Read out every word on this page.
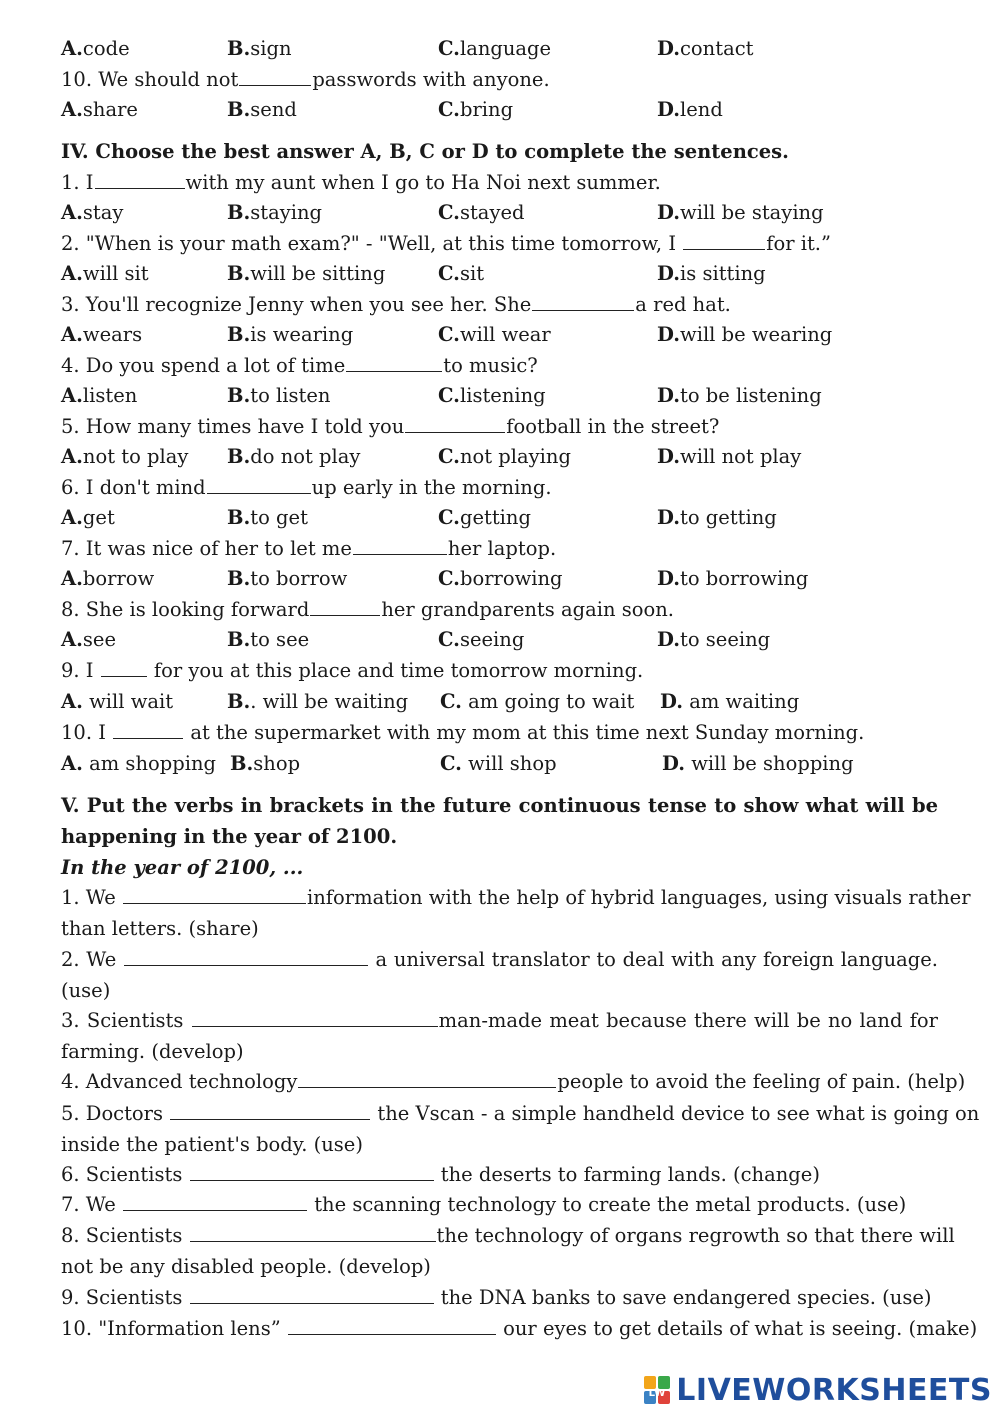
A.code	B.sign	C.language	D.contact
10. We should not	passwords with anyone.
A.share	B.send	C.bring	D.lend
IV. Choose the best answer A, B, C or D to complete the sentences.
1. I	with my aunt when I go to Ha Noi next summer.
A.stay	B.staying	C.stayed	D.will be staying
2. "When is your math exam?" - "Well, at this time tomorrow, I	for it.”
A.will sit	B.will be sitting	C.sit	D.is sitting
3. You'll recognize Jenny when you see her. She	a red hat.
A.wears	B.is wearing	C.will wear	D.will be wearing
4. Do you spend a lot of time	to music?
A.listen	B.to listen	C.listening	D.to be listening
5. How many times have I told you	football in the street?
A.not to play B.do not play	C.not playing	D.will not play
6. I don't mind	up early in the morning.
A.get	B.to get	C.getting	D.to getting
7. It was nice of her to let me	her laptop.
A.borrow	B.to borrow	C.borrowing	D.to borrowing
8. She is looking forward	her grandparents again soon.
A.see	B.to see	C.seeing	D.to seeing
9. I  for you at this place and time tomorrow morning.
A. will wait	B.. will be waiting C. am going to wait D. am waiting
10. I	at the supermarket with my mom at this time next Sunday morning.
A. am shopping B.shop	C. will shop	D. will be shopping
V. Put the verbs in brackets in the future continuous tense to show what will be
happening in the year of 2100.
In the year of 2100, ...
1. We	information with the help of hybrid languages, using visuals rather
than letters. (share)
2. We	a universal translator to deal with any foreign language.
(use)
3. Scientists	man-made meat because there will be no land for
farming. (develop)
4. Advanced technology	people to avoid the feeling of pain. (help)
5. Doctors	the Vscan - a simple handheld device to see what is going on
inside the patient's body. (use)
6. Scientists	the deserts to farming lands. (change)
7. We	the scanning technology to create the metal products. (use)
8. Scientists	the technology of organs regrowth so that there will
not be any disabled people. (develop)
9. Scientists	the DNA banks to save endangered species. (use)
10. "Information lens”	our eyes to get details of what is seeing. (make)
LW LIVEWORKSHEETS
